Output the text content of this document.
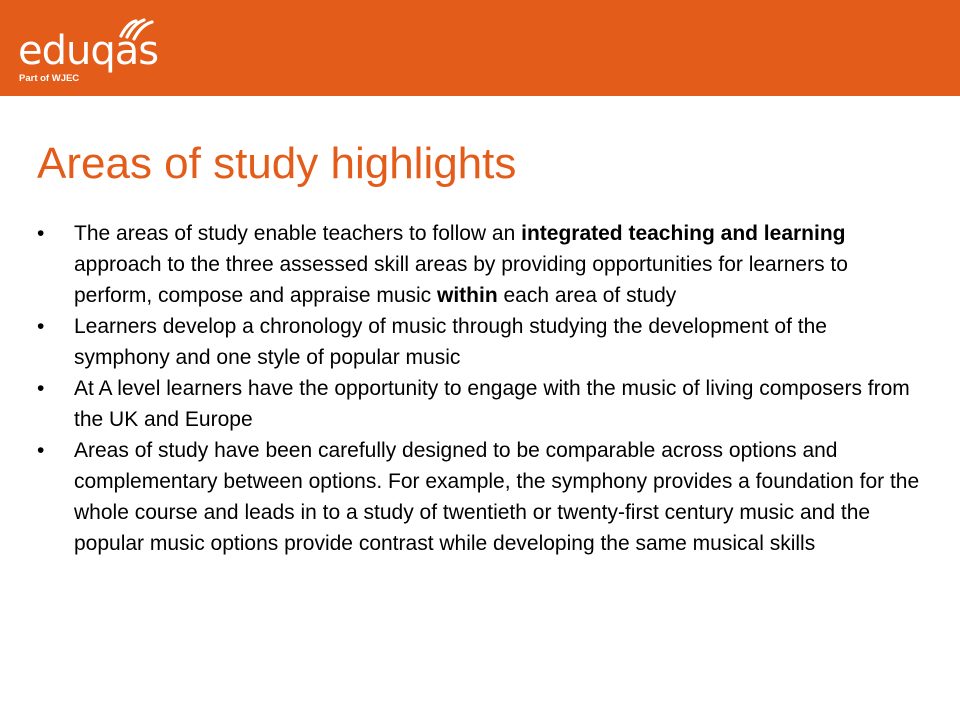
eduqas
Part of WJEC
Areas of study highlights
• The areas of study enable teachers to follow an integrated teaching and learning approach to the three assessed skill areas by providing opportunities for learners to perform, compose and appraise music within each area of study
• Learners develop a chronology of music through studying the development of the symphony and one style of popular music
• At A level learners have the opportunity to engage with the music of living composers from the UK and Europe
• Areas of study have been carefully designed to be comparable across options and complementary between options. For example, the symphony provides a foundation for the whole course and leads in to a study of twentieth or twenty-first century music and the popular music options provide contrast while developing the same musical skills
